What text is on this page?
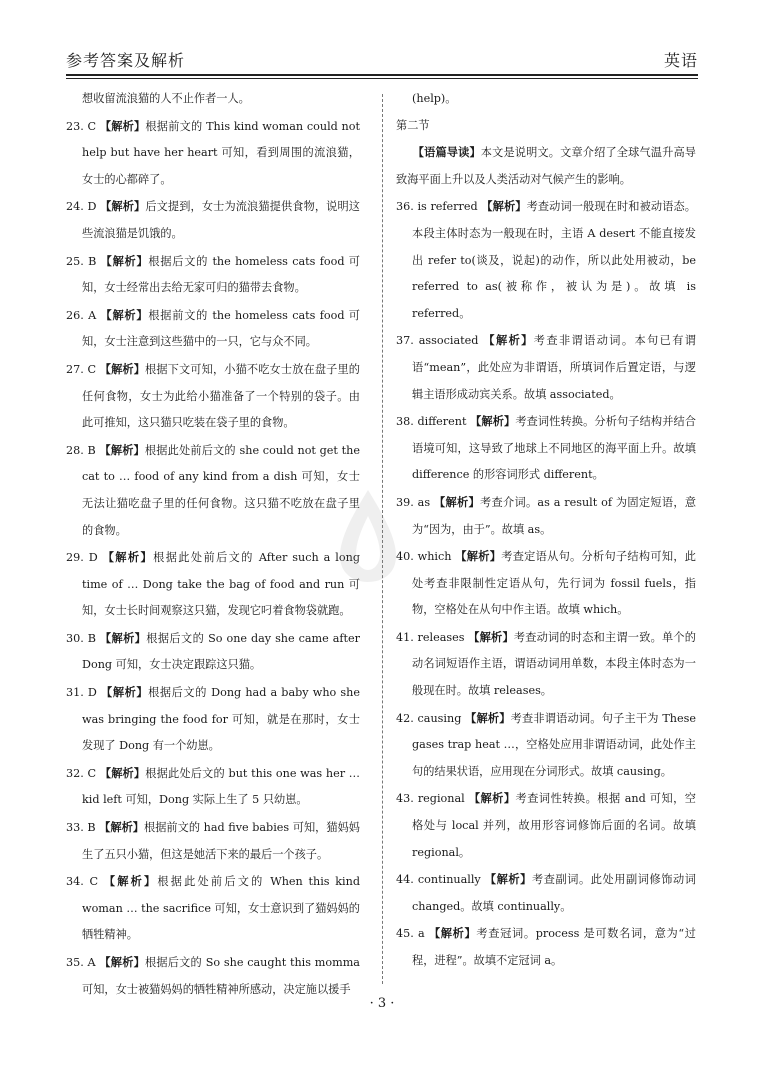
参考答案及解析	英语
想收留流浪猫的人不止作者一人。
23. C 【解析】根据前文的 This kind woman could not help but have her heart 可知，看到周围的流浪猫，女士的心都碎了。
24. D 【解析】后文提到，女士为流浪猫提供食物，说明这些流浪猫是饥饿的。
25. B 【解析】根据后文的 the homeless cats food 可知，女士经常出去给无家可归的猫带去食物。
26. A 【解析】根据前文的 the homeless cats food 可知，女士注意到这些猫中的一只，它与众不同。
27. C 【解析】根据下文可知，小猫不吃女士放在盘子里的任何食物，女士为此给小猫准备了一个特别的袋子。由此可推知，这只猫只吃装在袋子里的食物。
28. B 【解析】根据此处前后文的 she could not get the cat to … food of any kind from a dish 可知，女士无法让猫吃盘子里的任何食物。这只猫不吃放在盘子里的食物。
29. D 【解析】根据此处前后文的 After such a long time of … Dong take the bag of food and run 可知，女士长时间观察这只猫，发现它叼着食物袋就跑。
30. B 【解析】根据后文的 So one day she came after Dong 可知，女士决定跟踪这只猫。
31. D 【解析】根据后文的 Dong had a baby who she was bringing the food for 可知，就是在那时，女士发现了 Dong 有一个幼崽。
32. C 【解析】根据此处后文的 but this one was her … kid left 可知，Dong 实际上生了 5 只幼崽。
33. B 【解析】根据前文的 had five babies 可知，猫妈妈生了五只小猫，但这是她活下来的最后一个孩子。
34. C 【解析】根据此处前后文的 When this kind woman … the sacrifice 可知，女士意识到了猫妈妈的牺牲精神。
35. A 【解析】根据后文的 So she caught this momma 可知，女士被猫妈妈的牺牲精神所感动，决定施以援手
(help)。
第二节
【语篇导读】本文是说明文。文章介绍了全球气温升高导致海平面上升以及人类活动对气候产生的影响。
36. is referred 【解析】考查动词一般现在时和被动语态。本段主体时态为一般现在时，主语 A desert 不能直接发出 refer to(谈及，说起)的动作，所以此处用被动，be referred to as(被称作，被认为是)。故填 is referred。
37. associated 【解析】考查非谓语动词。本句已有谓语“mean”，此处应为非谓语，所填词作后置定语，与逻辑主语形成动宾关系。故填 associated。
38. different 【解析】考查词性转换。分析句子结构并结合语境可知，这导致了地球上不同地区的海平面上升。故填 difference 的形容词形式 different。
39. as 【解析】考查介词。as a result of 为固定短语，意为“因为，由于”。故填 as。
40. which 【解析】考查定语从句。分析句子结构可知，此处考查非限制性定语从句，先行词为 fossil fuels，指物，空格处在从句中作主语。故填 which。
41. releases 【解析】考查动词的时态和主谓一致。单个的动名词短语作主语，谓语动词用单数，本段主体时态为一般现在时。故填 releases。
42. causing 【解析】考查非谓语动词。句子主干为 These gases trap heat …，空格处应用非谓语动词，此处作主句的结果状语，应用现在分词形式。故填 causing。
43. regional 【解析】考查词性转换。根据 and 可知，空格处与 local 并列，故用形容词修饰后面的名词。故填regional。
44. continually 【解析】考查副词。此处用副词修饰动词 changed。故填 continually。
45. a 【解析】考查冠词。process 是可数名词，意为“过程，进程”。故填不定冠词 a。
· 3 ·
